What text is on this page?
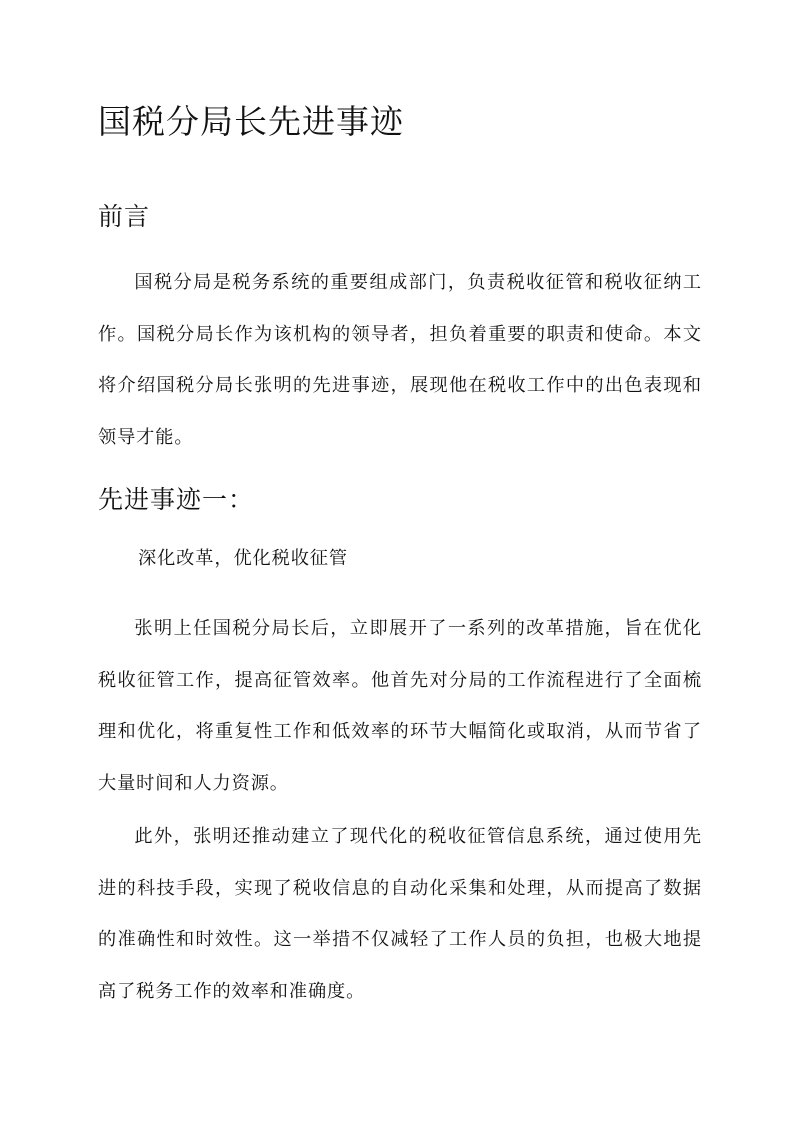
国税分局长先进事迹
前言

国税分局是税务系统的重要组成部门，负责税收征管和税收征纳工作。国税分局长作为该机构的领导者，担负着重要的职责和使命。本文将介绍国税分局长张明的先进事迹，展现他在税收工作中的出色表现和领导才能。

先进事迹一：

深化改革，优化税收征管

张明上任国税分局长后，立即展开了一系列的改革措施，旨在优化税收征管工作，提高征管效率。他首先对分局的工作流程进行了全面梳理和优化，将重复性工作和低效率的环节大幅简化或取消，从而节省了大量时间和人力资源。

此外，张明还推动建立了现代化的税收征管信息系统，通过使用先进的科技手段，实现了税收信息的自动化采集和处理，从而提高了数据的准确性和时效性。这一举措不仅减轻了工作人员的负担，也极大地提高了税务工作的效率和准确度。
